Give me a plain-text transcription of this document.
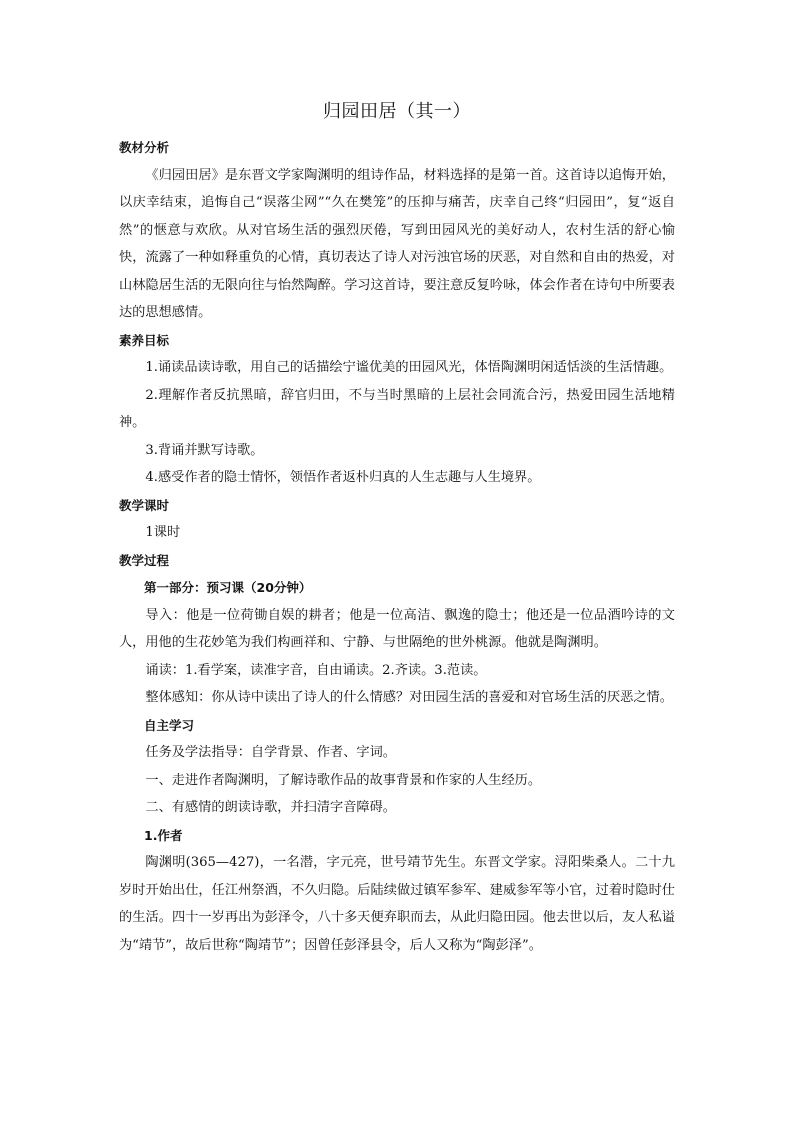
归园田居（其一）

教材分析

《归园田居》是东晋文学家陶渊明的组诗作品，材料选择的是第一首。这首诗以追悔开始，以庆幸结束，追悔自己“误落尘网”“久在樊笼”的压抑与痛苦，庆幸自己终“归园田”，复“返自然”的惬意与欢欣。从对官场生活的强烈厌倦，写到田园风光的美好动人，农村生活的舒心愉快，流露了一种如释重负的心情，真切表达了诗人对污浊官场的厌恶，对自然和自由的热爱，对山林隐居生活的无限向往与怡然陶醉。学习这首诗，要注意反复吟咏，体会作者在诗句中所要表达的思想感情。

素养目标

1.诵读品读诗歌，用自己的话描绘宁谧优美的田园风光，体悟陶渊明闲适恬淡的生活情趣。

2.理解作者反抗黑暗，辞官归田，不与当时黑暗的上层社会同流合污，热爱田园生活地精神。

3.背诵并默写诗歌。

4.感受作者的隐士情怀，领悟作者返朴归真的人生志趣与人生境界。

教学课时

1课时

教学过程

第一部分：预习课（20分钟）

导入：他是一位荷锄自娱的耕者；他是一位高洁、飘逸的隐士；他还是一位品酒吟诗的文人，用他的生花妙笔为我们构画祥和、宁静、与世隔绝的世外桃源。他就是陶渊明。

诵读：1.看学案，读准字音，自由诵读。2.齐读。3.范读。

整体感知：你从诗中读出了诗人的什么情感？对田园生活的喜爱和对官场生活的厌恶之情。

自主学习

任务及学法指导：自学背景、作者、字词。

一、走进作者陶渊明，了解诗歌作品的故事背景和作家的人生经历。

二、有感情的朗读诗歌，并扫清字音障碍。

1.作者

陶渊明(365—427)，一名潜，字元亮，世号靖节先生。东晋文学家。浔阳柴桑人。二十九岁时开始出仕，任江州祭酒，不久归隐。后陆续做过镇军参军、建威参军等小官，过着时隐时仕的生活。四十一岁再出为彭泽令，八十多天便弃职而去，从此归隐田园。他去世以后，友人私谥为“靖节”，故后世称“陶靖节”；因曾任彭泽县令，后人又称为“陶彭泽”。
